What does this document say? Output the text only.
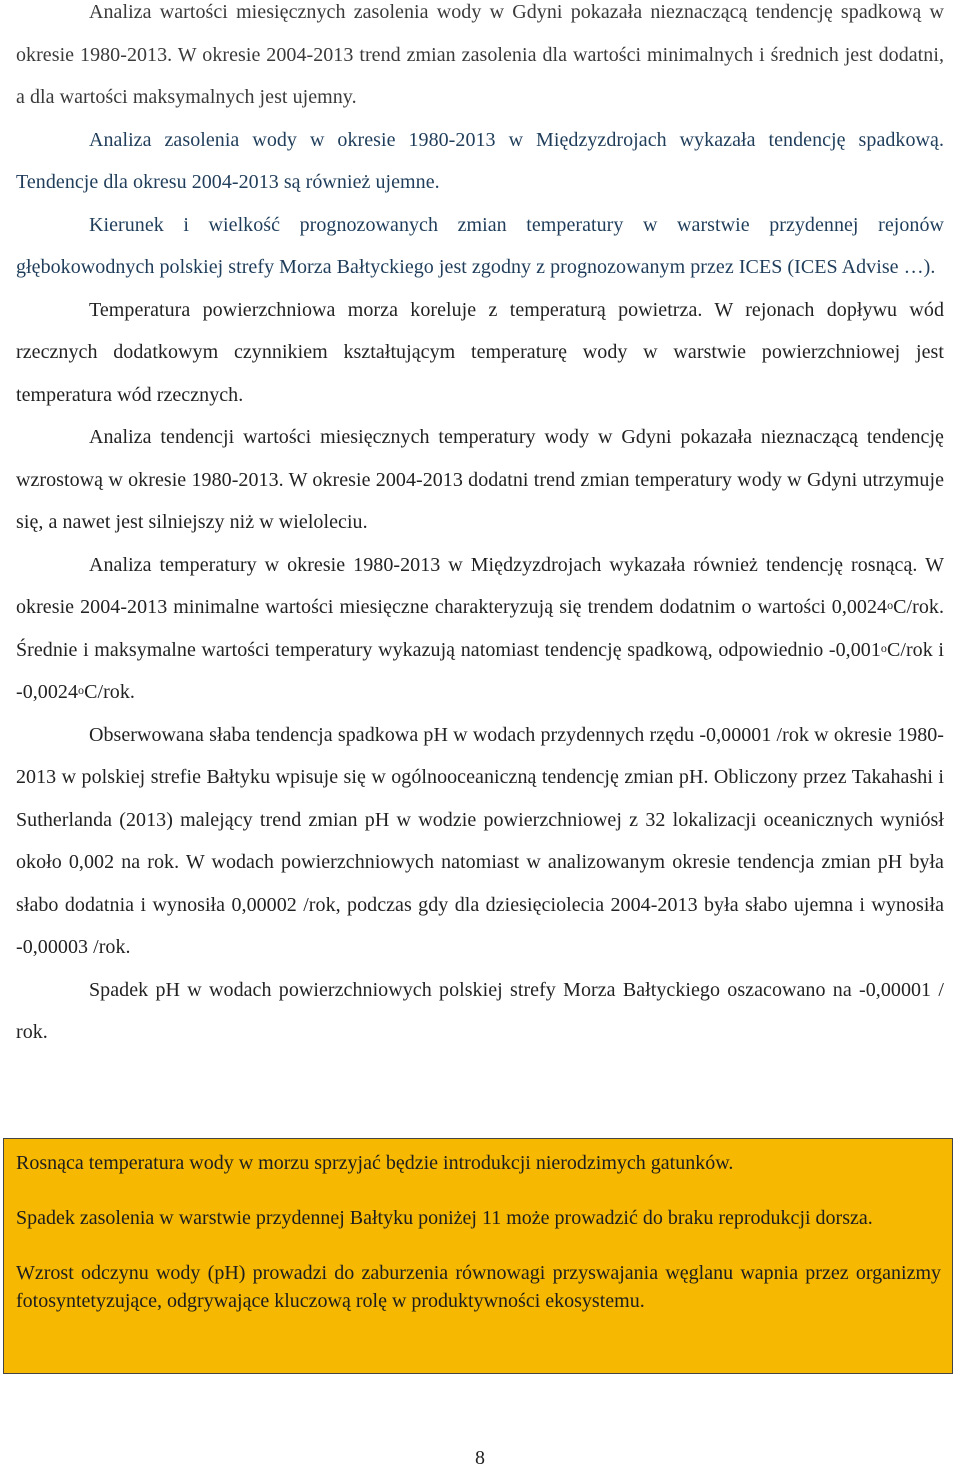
Analiza wartości miesięcznych zasolenia wody w Gdyni pokazała nieznaczącą tendencję spadkową w okresie 1980-2013. W okresie 2004-2013 trend zmian zasolenia dla wartości minimalnych i średnich jest dodatni, a dla wartości maksymalnych jest ujemny.

Analiza zasolenia wody w okresie 1980-2013 w Międzyzdrojach wykazała tendencję spadkową. Tendencje dla okresu 2004-2013 są również ujemne.

Kierunek i wielkość prognozowanych zmian temperatury w warstwie przydennej rejonów głębokowodnych polskiej strefy Morza Bałtyckiego jest zgodny z prognozowanym przez ICES (ICES Advise …).

Temperatura powierzchniowa morza koreluje z temperaturą powietrza. W rejonach dopływu wód rzecznych dodatkowym czynnikiem kształtującym temperaturę wody w warstwie powierzchniowej jest temperatura wód rzecznych.

Analiza tendencji wartości miesięcznych temperatury wody w Gdyni pokazała nieznaczącą tendencję wzrostową w okresie 1980-2013. W okresie 2004-2013 dodatni trend zmian temperatury wody w Gdyni utrzymuje się, a nawet jest silniejszy niż w wieloleciu.

Analiza temperatury w okresie 1980-2013 w Międzyzdrojach wykazała również tendencję rosnącą. W okresie 2004-2013 minimalne wartości miesięczne charakteryzują się trendem dodatnim o wartości 0,0024$^o$C/rok. Średnie i maksymalne wartości temperatury wykazują natomiast tendencję spadkową, odpowiednio -0,001$^o$C/rok i -0,0024$^o$C/rok.

Obserwowana słaba tendencja spadkowa pH w wodach przydennych rzędu -0,00001 /rok w okresie 1980-2013 w polskiej strefie Bałtyku wpisuje się w ogólnooceaniczną tendencję zmian pH. Obliczony przez Takahashi i Sutherlanda (2013) malejący trend zmian pH w wodzie powierzchniowej z 32 lokalizacji oceanicznych wyniósł około 0,002 na rok. W wodach powierzchniowych natomiast w analizowanym okresie tendencja zmian pH była słabo dodatnia i wynosiła 0,00002 /rok, podczas gdy dla dziesięciolecia 2004-2013 była słabo ujemna i wynosiła -0,00003 /rok.

Spadek pH w wodach powierzchniowych polskiej strefy Morza Bałtyckiego oszacowano na -0,00001 / rok.

Rosnąca temperatura wody w morzu sprzyjać będzie introdukcji nierodzimych gatunków.

Spadek zasolenia w warstwie przydennej Bałtyku poniżej 11 może prowadzić do braku reprodukcji dorsza.

Wzrost odczynu wody (pH) prowadzi do zaburzenia równowagi przyswajania węglanu wapnia przez organizmy fotosyntetyzujące, odgrywające kluczową rolę w produktywności ekosystemu.

8
